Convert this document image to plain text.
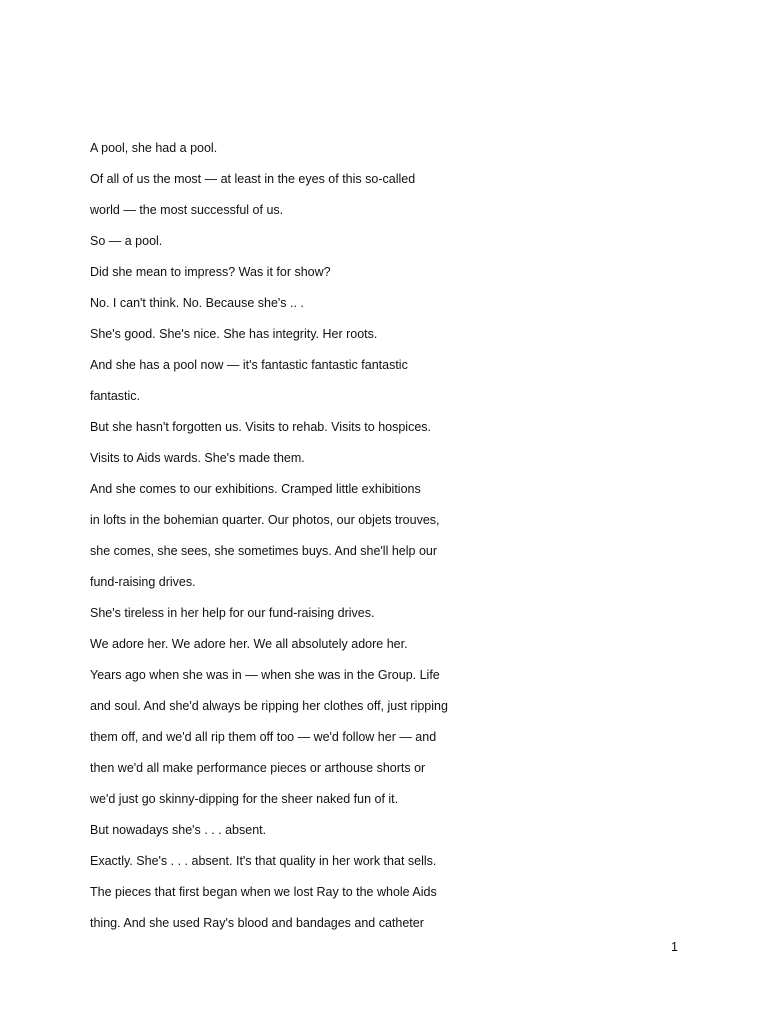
A pool, she had a pool.
Of all of us the most — at least in the eyes of this so-called
world — the most successful of us.
So — a pool.
Did she mean to impress? Was it for show?
No. I can't think. No. Because she's .. .
She's good. She's nice. She has integrity. Her roots.
And she has a pool now — it's fantastic fantastic fantastic
fantastic.
But she hasn't forgotten us. Visits to rehab. Visits to hospices.
Visits to Aids wards. She's made them.
And she comes to our exhibitions. Cramped little exhibitions
in lofts in the bohemian quarter. Our photos, our objets trouves,
she comes, she sees, she sometimes buys. And she'll help our
fund-raising drives.
She's tireless in her help for our fund-raising drives.
We adore her. We adore her. We all absolutely adore her.
Years ago when she was in — when she was in the Group. Life
and soul. And she'd always be ripping her clothes off, just ripping
them off, and we'd all rip them off too — we'd follow her — and
then we'd all make performance pieces or arthouse shorts or
we'd just go skinny-dipping for the sheer naked fun of it.
But nowadays she's . . . absent.
Exactly. She's . . . absent. It's that quality in her work that sells.
The pieces that first began when we lost Ray to the whole Aids
thing. And she used Ray's blood and bandages and catheter
1
